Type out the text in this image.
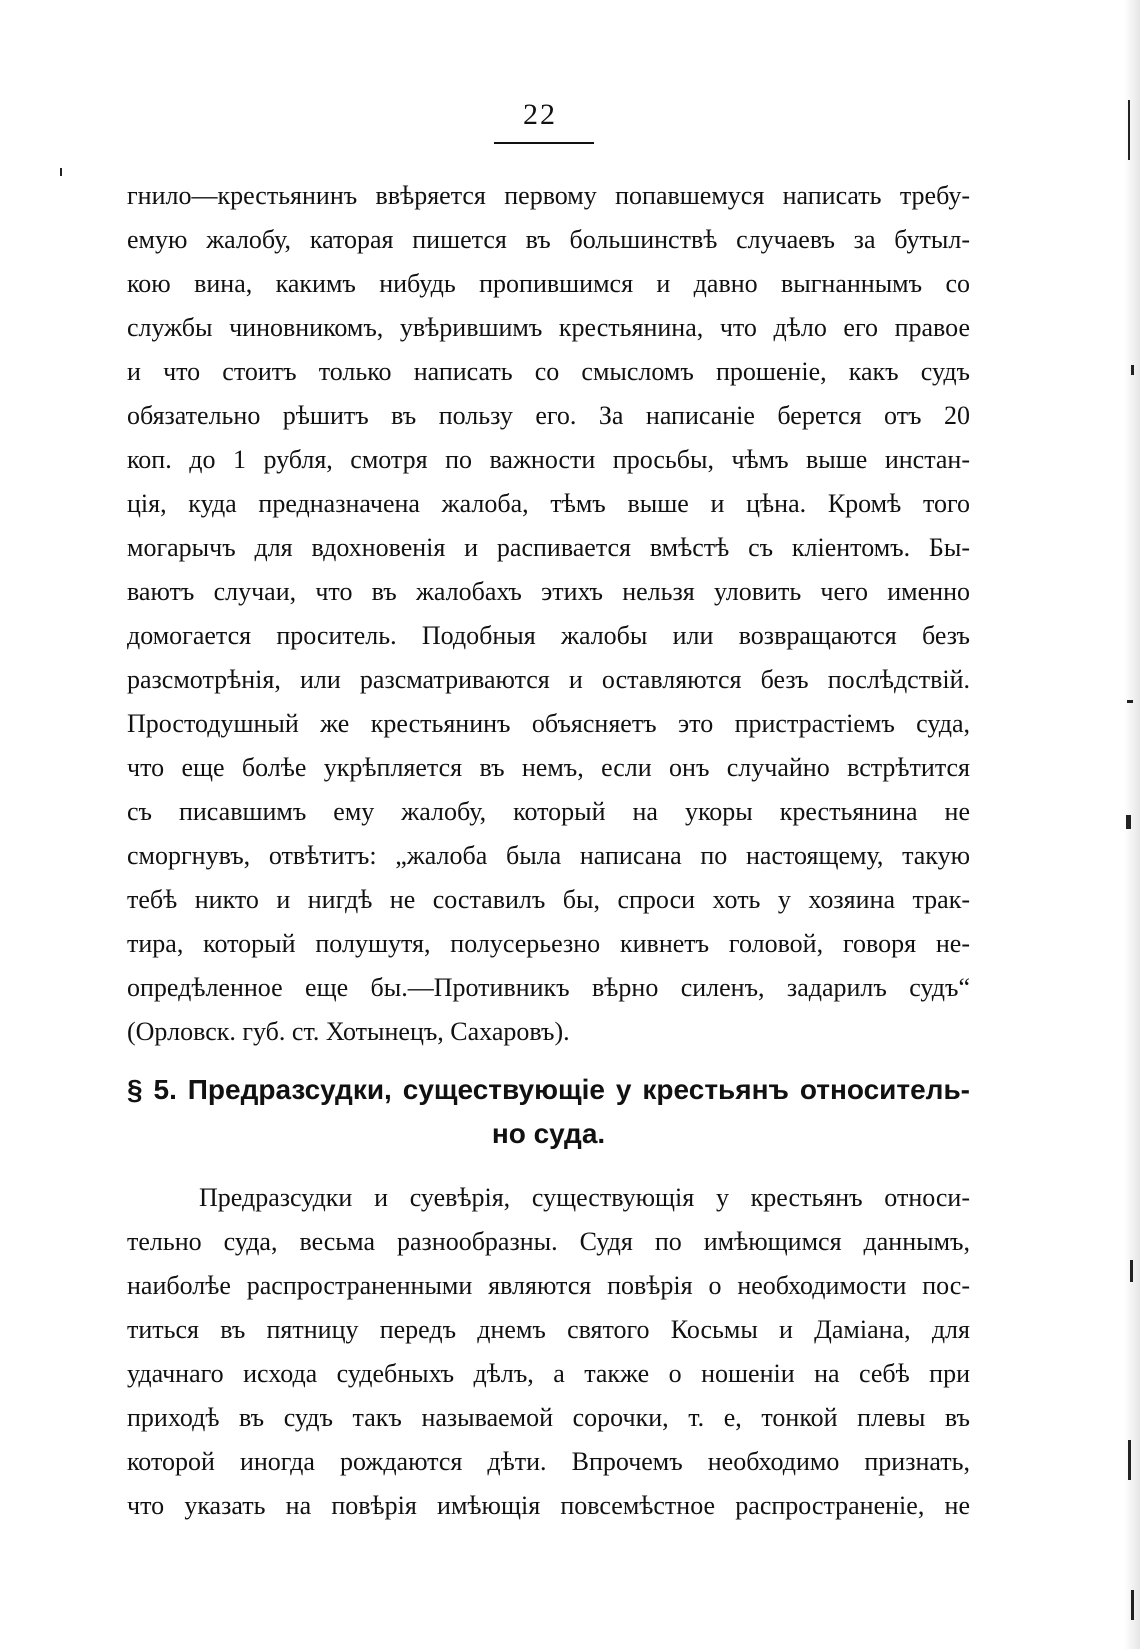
22
гнило—крестьянинъ ввѣряется первому попавшемуся написать требу-
емую жалобу, каторая пишется въ большинствѣ случаевъ за бутыл-
кою вина, какимъ нибудь пропившимся и давно выгнаннымъ со
службы чиновникомъ, увѣрившимъ крестьянина, что дѣло его правое
и что стоитъ только написать со смысломъ прошеніе, какъ судъ
обязательно рѣшитъ въ пользу его. За написаніе берется отъ 20
коп. до 1 рубля, смотря по важности просьбы, чѣмъ выше инстан-
ція, куда предназначена жалоба, тѣмъ выше и цѣна. Кромѣ того
могарычъ для вдохновенія и распивается вмѣстѣ съ кліентомъ. Бы-
ваютъ случаи, что въ жалобахъ этихъ нельзя уловить чего именно
домогается проситель. Подобныя жалобы или возвращаются безъ
разсмотрѣнія, или разсматриваются и оставляются безъ послѣдствій.
Простодушный же крестьянинъ объясняетъ это пристрастіемъ суда,
что еще болѣе укрѣпляется въ немъ, если онъ случайно встрѣтится
съ писавшимъ ему жалобу, который на укоры крестьянина не
сморгнувъ, отвѣтитъ: „жалоба была написана по настоящему, такую
тебѣ никто и нигдѣ не составилъ бы, спроси хоть у хозяина трак-
тира, который полушутя, полусерьезно кивнетъ головой, говоря не-
опредѣленное еще бы.—Противникъ вѣрно силенъ, задарилъ судъ“
(Орловск. губ. ст. Хотынецъ, Сахаровъ).
§ 5. Предразсудки, существующіе у крестьянъ относитель-
но суда.
Предразсудки и суевѣрія, существующія у крестьянъ относи-
тельно суда, весьма разнообразны. Судя по имѣющимся даннымъ,
наиболѣе распространенными являются повѣрія о необходимости пос-
титься въ пятницу передъ днемъ святого Косьмы и Даміана, для
удачнаго исхода судебныхъ дѣлъ, а также о ношеніи на себѣ при
приходѣ въ судъ такъ называемой сорочки, т. е, тонкой плевы въ
которой иногда рождаются дѣти. Впрочемъ необходимо признать,
что указать на повѣрія имѣющія повсемѣстное распространеніе, не
